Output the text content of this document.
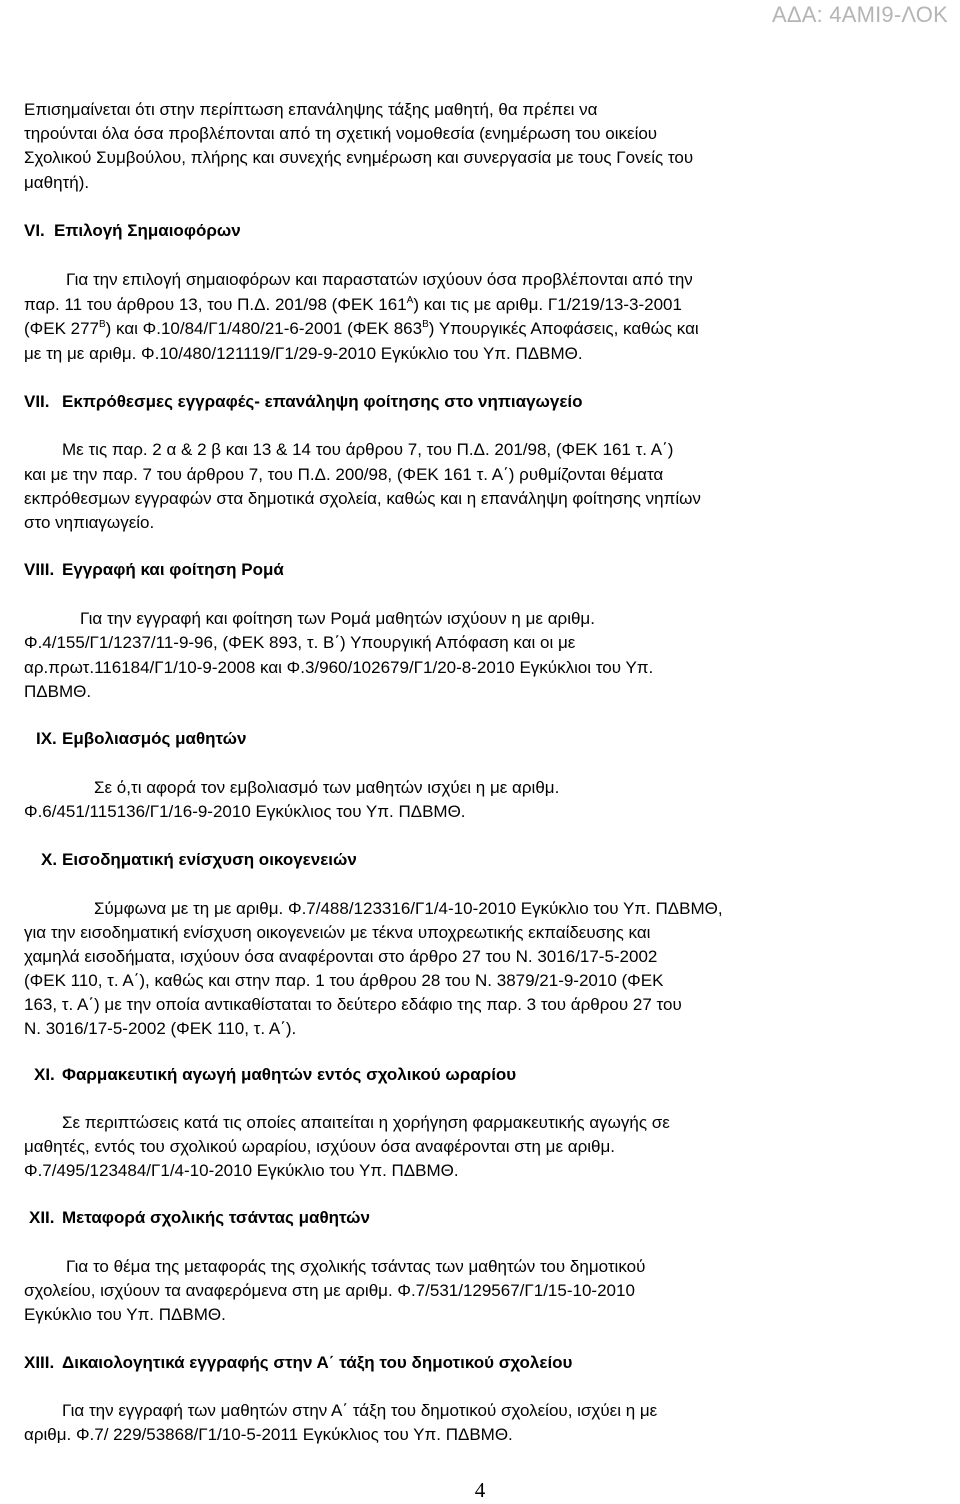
ΑΔΑ: 4ΑΜΙ9-ΛΟΚ
Επισημαίνεται ότι στην περίπτωση επανάληψης τάξης μαθητή, θα πρέπει να
τηρούνται όλα όσα προβλέπονται από τη σχετική νομοθεσία (ενημέρωση του οικείου
Σχολικού Συμβούλου, πλήρης και συνεχής ενημέρωση και συνεργασία με τους Γονείς του
μαθητή).
VI. Επιλογή Σημαιοφόρων
Για την επιλογή σημαιοφόρων και παραστατών ισχύουν όσα προβλέπονται από την
παρ. 11 του άρθρου 13, του Π.Δ. 201/98 (ΦΕΚ $161^A$) και τις με αριθμ. Γ1/219/13-3-2001
(ΦΕΚ $277^B$) και Φ.10/84/Γ1/480/21-6-2001 (ΦΕΚ $863^B$) Υπουργικές Αποφάσεις, καθώς και
με τη με αριθμ. Φ.10/480/121119/Γ1/29-9-2010 Εγκύκλιο του Υπ. ΠΔΒΜΘ.
VII. Εκπρόθεσμες εγγραφές- επανάληψη φοίτησης στο νηπιαγωγείο
Με τις παρ. 2 α & 2 β και 13 & 14 του άρθρου 7, του Π.Δ. 201/98, (ΦΕΚ 161 τ. Α΄)
και με την παρ. 7 του άρθρου 7, του Π.Δ. 200/98, (ΦΕΚ 161 τ. Α΄) ρυθμίζονται θέματα
εκπρόθεσμων εγγραφών στα δημοτικά σχολεία, καθώς και η επανάληψη φοίτησης νηπίων
στο νηπιαγωγείο.
VIII. Εγγραφή και φοίτηση Ρομά
Για την εγγραφή και φοίτηση των Ρομά μαθητών ισχύουν η με αριθμ.
Φ.4/155/Γ1/1237/11-9-96, (ΦΕΚ 893, τ. Β΄) Υπουργική Απόφαση και οι με
αρ.πρωτ.116184/Γ1/10-9-2008 και Φ.3/960/102679/Γ1/20-8-2010 Εγκύκλιοι του Υπ.
ΠΔΒΜΘ.
IX. Εμβολιασμός μαθητών
Σε ό,τι αφορά τον εμβολιασμό των μαθητών ισχύει η με αριθμ.
Φ.6/451/115136/Γ1/16-9-2010 Εγκύκλιος του Υπ. ΠΔΒΜΘ.
X. Εισοδηματική ενίσχυση οικογενειών
Σύμφωνα με τη με αριθμ. Φ.7/488/123316/Γ1/4-10-2010 Εγκύκλιο του Υπ. ΠΔΒΜΘ,
για την εισοδηματική ενίσχυση οικογενειών με τέκνα υποχρεωτικής εκπαίδευσης και
χαμηλά εισοδήματα, ισχύουν όσα αναφέρονται στο άρθρο 27 του Ν. 3016/17-5-2002
(ΦΕΚ 110, τ. Α΄), καθώς και στην παρ. 1 του άρθρου 28 του Ν. 3879/21-9-2010 (ΦΕΚ
163, τ. Α΄) με την οποία αντικαθίσταται το δεύτερο εδάφιο της παρ. 3 του άρθρου 27 του
Ν. 3016/17-5-2002 (ΦΕΚ 110, τ. Α΄).
XI. Φαρμακευτική αγωγή μαθητών εντός σχολικού ωραρίου
Σε περιπτώσεις κατά τις οποίες απαιτείται η χορήγηση φαρμακευτικής αγωγής σε
μαθητές, εντός του σχολικού ωραρίου, ισχύουν όσα αναφέρονται στη με αριθμ.
Φ.7/495/123484/Γ1/4-10-2010 Εγκύκλιο του Υπ. ΠΔΒΜΘ.
XII. Μεταφορά σχολικής τσάντας μαθητών
Για το θέμα της μεταφοράς της σχολικής τσάντας των μαθητών του δημοτικού
σχολείου, ισχύουν τα αναφερόμενα στη με αριθμ. Φ.7/531/129567/Γ1/15-10-2010
Εγκύκλιο του Υπ. ΠΔΒΜΘ.
XIII. Δικαιολογητικά εγγραφής στην Α΄ τάξη του δημοτικού σχολείου
Για την εγγραφή των μαθητών στην Α΄ τάξη του δημοτικού σχολείου, ισχύει η με
αριθμ. Φ.7/ 229/53868/Γ1/10-5-2011 Εγκύκλιος του Υπ. ΠΔΒΜΘ.
4
